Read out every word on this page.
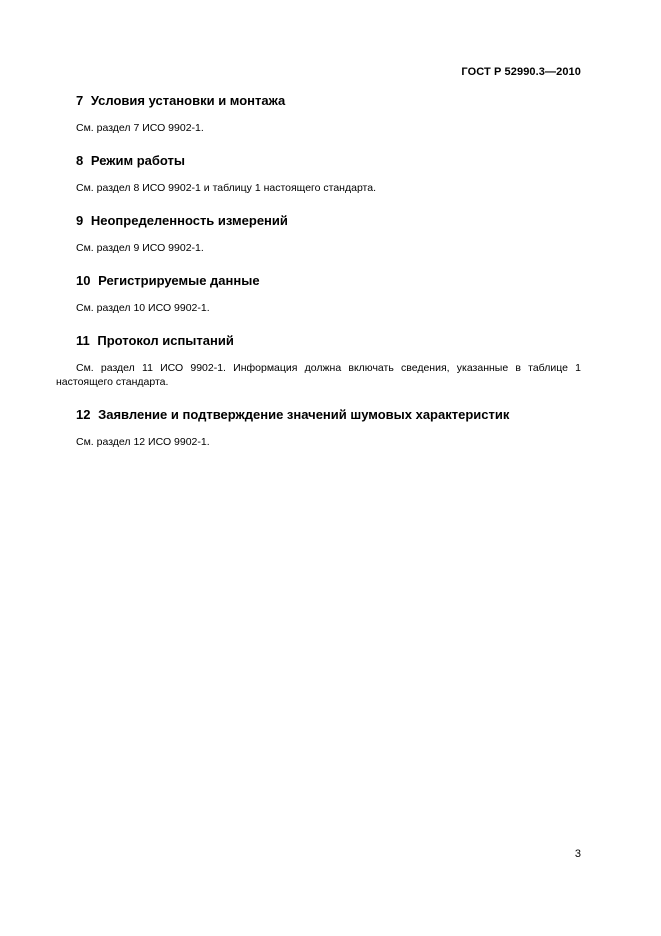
ГОСТ Р 52990.3—2010
7 Условия установки и монтажа

См. раздел 7 ИСО 9902-1.

8 Режим работы

См. раздел 8 ИСО 9902-1 и таблицу 1 настоящего стандарта.

9 Неопределенность измерений

См. раздел 9 ИСО 9902-1.

10 Регистрируемые данные

См. раздел 10 ИСО 9902-1.

11 Протокол испытаний

См. раздел 11 ИСО 9902-1. Информация должна включать сведения, указанные в таблице 1 настоящего стандарта.

12 Заявление и подтверждение значений шумовых характеристик

См. раздел 12 ИСО 9902-1.

3
